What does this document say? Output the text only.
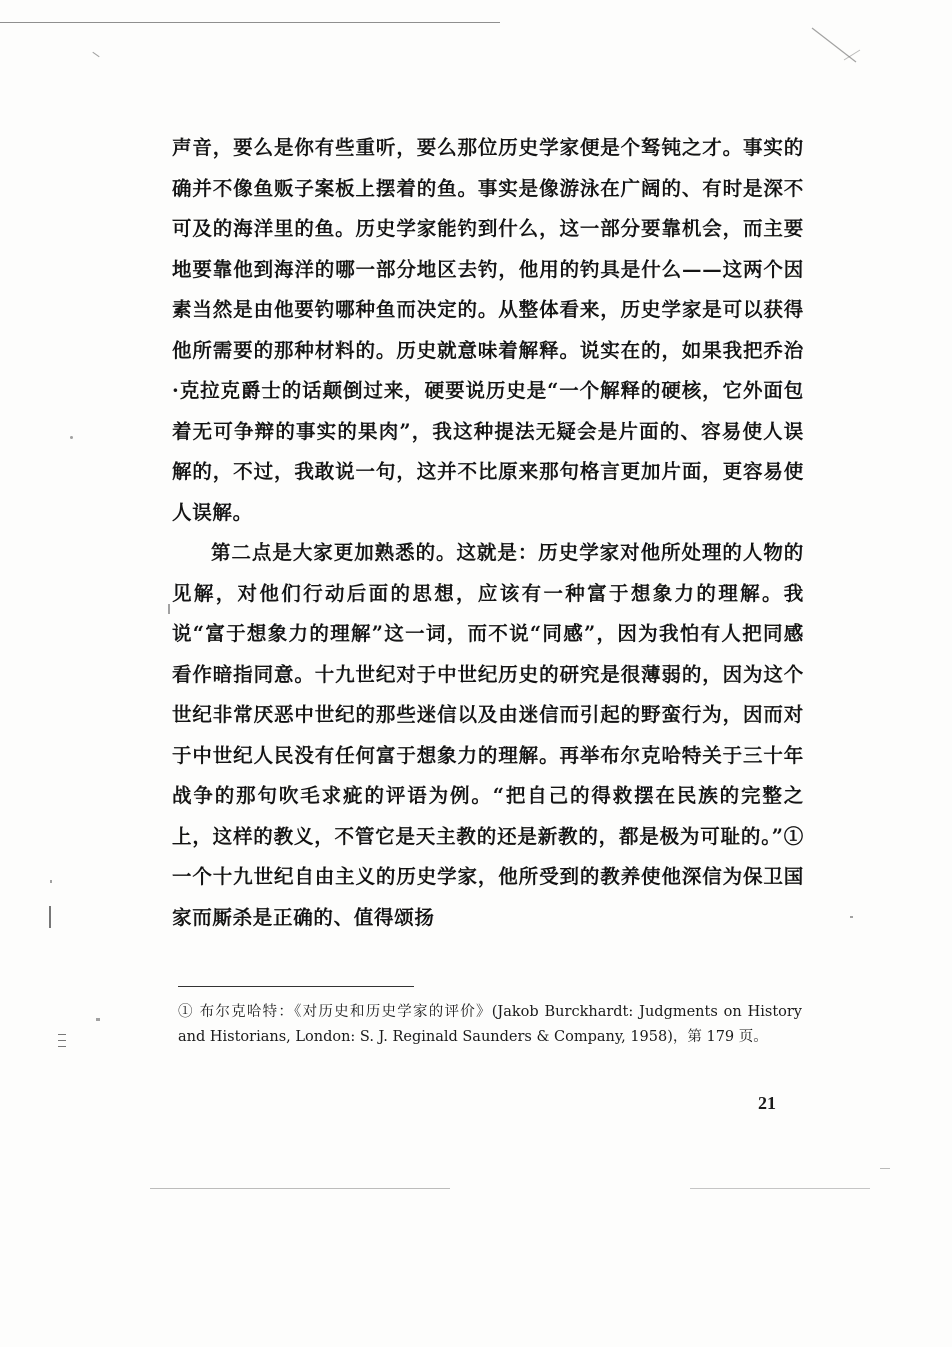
声音，要么是你有些重听，要么那位历史学家便是个驽钝之才。事实的确并不像鱼贩子案板上摆着的鱼。事实是像游泳在广阔的、有时是深不可及的海洋里的鱼。历史学家能钓到什么，这一部分要靠机会，而主要地要靠他到海洋的哪一部分地区去钓，他用的钓具是什么——这两个因素当然是由他要钓哪种鱼而决定的。从整体看来，历史学家是可以获得他所需要的那种材料的。历史就意味着解释。说实在的，如果我把乔治·克拉克爵士的话颠倒过来，硬要说历史是“一个解释的硬核，它外面包着无可争辩的事实的果肉”，我这种提法无疑会是片面的、容易使人误解的，不过，我敢说一句，这并不比原来那句格言更加片面，更容易使人误解。

第二点是大家更加熟悉的。这就是：历史学家对他所处理的人物的见解，对他们行动后面的思想，应该有一种富于想象力的理解。我说“富于想象力的理解”这一词，而不说“同感”，因为我怕有人把同感看作暗指同意。十九世纪对于中世纪历史的研究是很薄弱的，因为这个世纪非常厌恶中世纪的那些迷信以及由迷信而引起的野蛮行为，因而对于中世纪人民没有任何富于想象力的理解。再举布尔克哈特关于三十年战争的那句吹毛求疵的评语为例。“把自己的得救摆在民族的完整之上，这样的教义，不管它是天主教的还是新教的，都是极为可耻的。”① 一个十九世纪自由主义的历史学家，他所受到的教养使他深信为保卫国家而厮杀是正确的、值得颂扬

① 布尔克哈特：《对历史和历史学家的评价》(Jakob Burckhardt: Judgments on History and Historians, London: S. J. Reginald Saunders & Company, 1958)，第 179 页。
21
